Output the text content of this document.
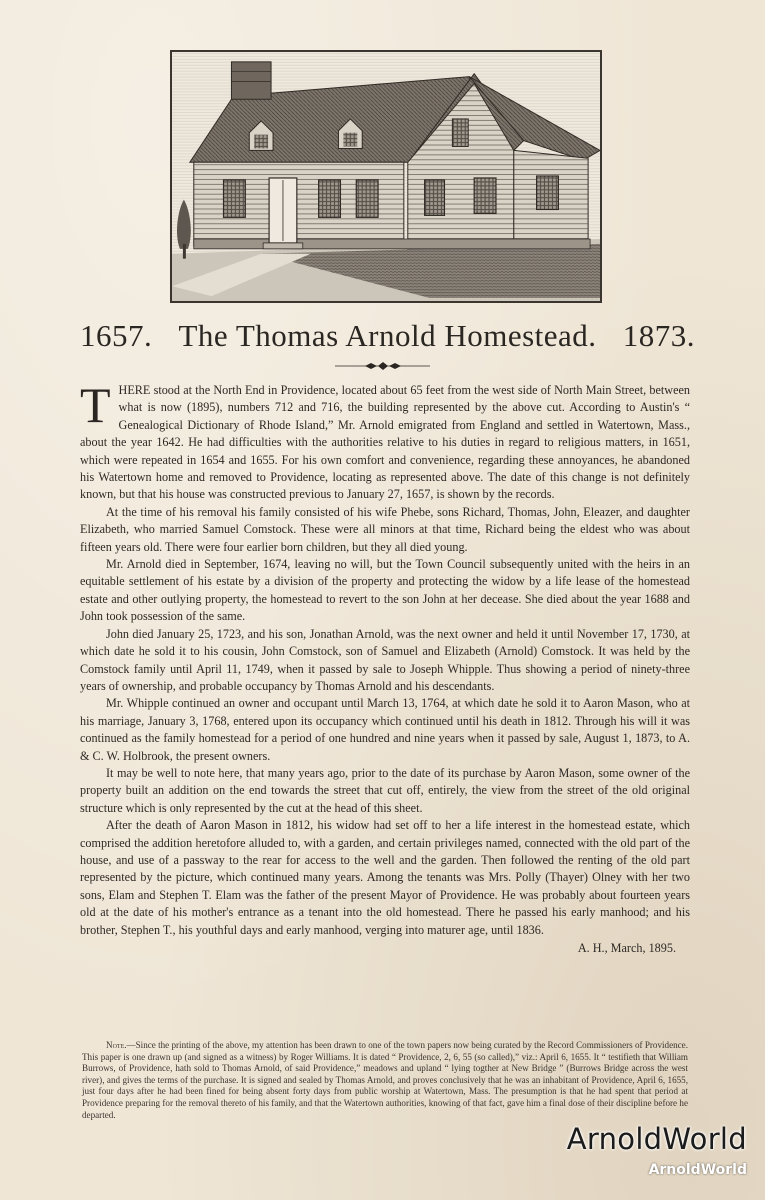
1657. The Thomas Arnold Homestead. 1873.

THERE stood at the North End in Providence, located about 65 feet from the west side of North Main Street, between what is now (1895), numbers 712 and 716, the building represented by the above cut. According to Austin's “ Genealogical Dictionary of Rhode Island,” Mr. Arnold emigrated from England and settled in Watertown, Mass., about the year 1642. He had difficulties with the authorities relative to his duties in regard to religious matters, in 1651, which were repeated in 1654 and 1655. For his own comfort and convenience, regarding these annoyances, he abandoned his Watertown home and removed to Providence, locating as represented above. The date of this change is not definitely known, but that his house was constructed previous to January 27, 1657, is shown by the records.

At the time of his removal his family consisted of his wife Phebe, sons Richard, Thomas, John, Eleazer, and daughter Elizabeth, who married Samuel Comstock. These were all minors at that time, Richard being the eldest who was about fifteen years old. There were four earlier born children, but they all died young.

Mr. Arnold died in September, 1674, leaving no will, but the Town Council subsequently united with the heirs in an equitable settlement of his estate by a division of the property and protecting the widow by a life lease of the homestead estate and other outlying property, the homestead to revert to the son John at her decease. She died about the year 1688 and John took possession of the same.

John died January 25, 1723, and his son, Jonathan Arnold, was the next owner and held it until November 17, 1730, at which date he sold it to his cousin, John Comstock, son of Samuel and Elizabeth (Arnold) Comstock. It was held by the Comstock family until April 11, 1749, when it passed by sale to Joseph Whipple. Thus showing a period of ninety-three years of ownership, and probable occupancy by Thomas Arnold and his descendants.

Mr. Whipple continued an owner and occupant until March 13, 1764, at which date he sold it to Aaron Mason, who at his marriage, January 3, 1768, entered upon its occupancy which continued until his death in 1812. Through his will it was continued as the family homestead for a period of one hundred and nine years when it passed by sale, August 1, 1873, to A. & C. W. Holbrook, the present owners.

It may be well to note here, that many years ago, prior to the date of its purchase by Aaron Mason, some owner of the property built an addition on the end towards the street that cut off, entirely, the view from the street of the old original structure which is only represented by the cut at the head of this sheet.

After the death of Aaron Mason in 1812, his widow had set off to her a life interest in the homestead estate, which comprised the addition heretofore alluded to, with a garden, and certain privileges named, connected with the old part of the house, and use of a passway to the rear for access to the well and the garden. Then followed the renting of the old part represented by the picture, which continued many years. Among the tenants was Mrs. Polly (Thayer) Olney with her two sons, Elam and Stephen T. Elam was the father of the present Mayor of Providence. He was probably about fourteen years old at the date of his mother's entrance as a tenant into the old homestead. There he passed his early manhood; and his brother, Stephen T., his youthful days and early manhood, verging into maturer age, until 1836.

A. H., March, 1895.
Note.—Since the printing of the above, my attention has been drawn to one of the town papers now being curated by the Record Commissioners of Providence. This paper is one drawn up (and signed as a witness) by Roger Williams. It is dated “ Providence, 2, 6, 55 (so called),” viz.: April 6, 1655. It “ testifieth that William Burrows, of Providence, hath sold to Thomas Arnold, of said Providence,” meadows and upland “ lying togther at New Bridge ” (Burrows Bridge across the west river), and gives the terms of the purchase. It is signed and sealed by Thomas Arnold, and proves conclusively that he was an inhabitant of Providence, April 6, 1655, just four days after he had been fined for being absent forty days from public worship at Watertown, Mass. The presumption is that he had spent that period at Providence preparing for the removal thereto of his family, and that the Watertown authorities, knowing of that fact, gave him a final dose of their discipline before he departed.
ArnoldWorld
ArnoldWorld
